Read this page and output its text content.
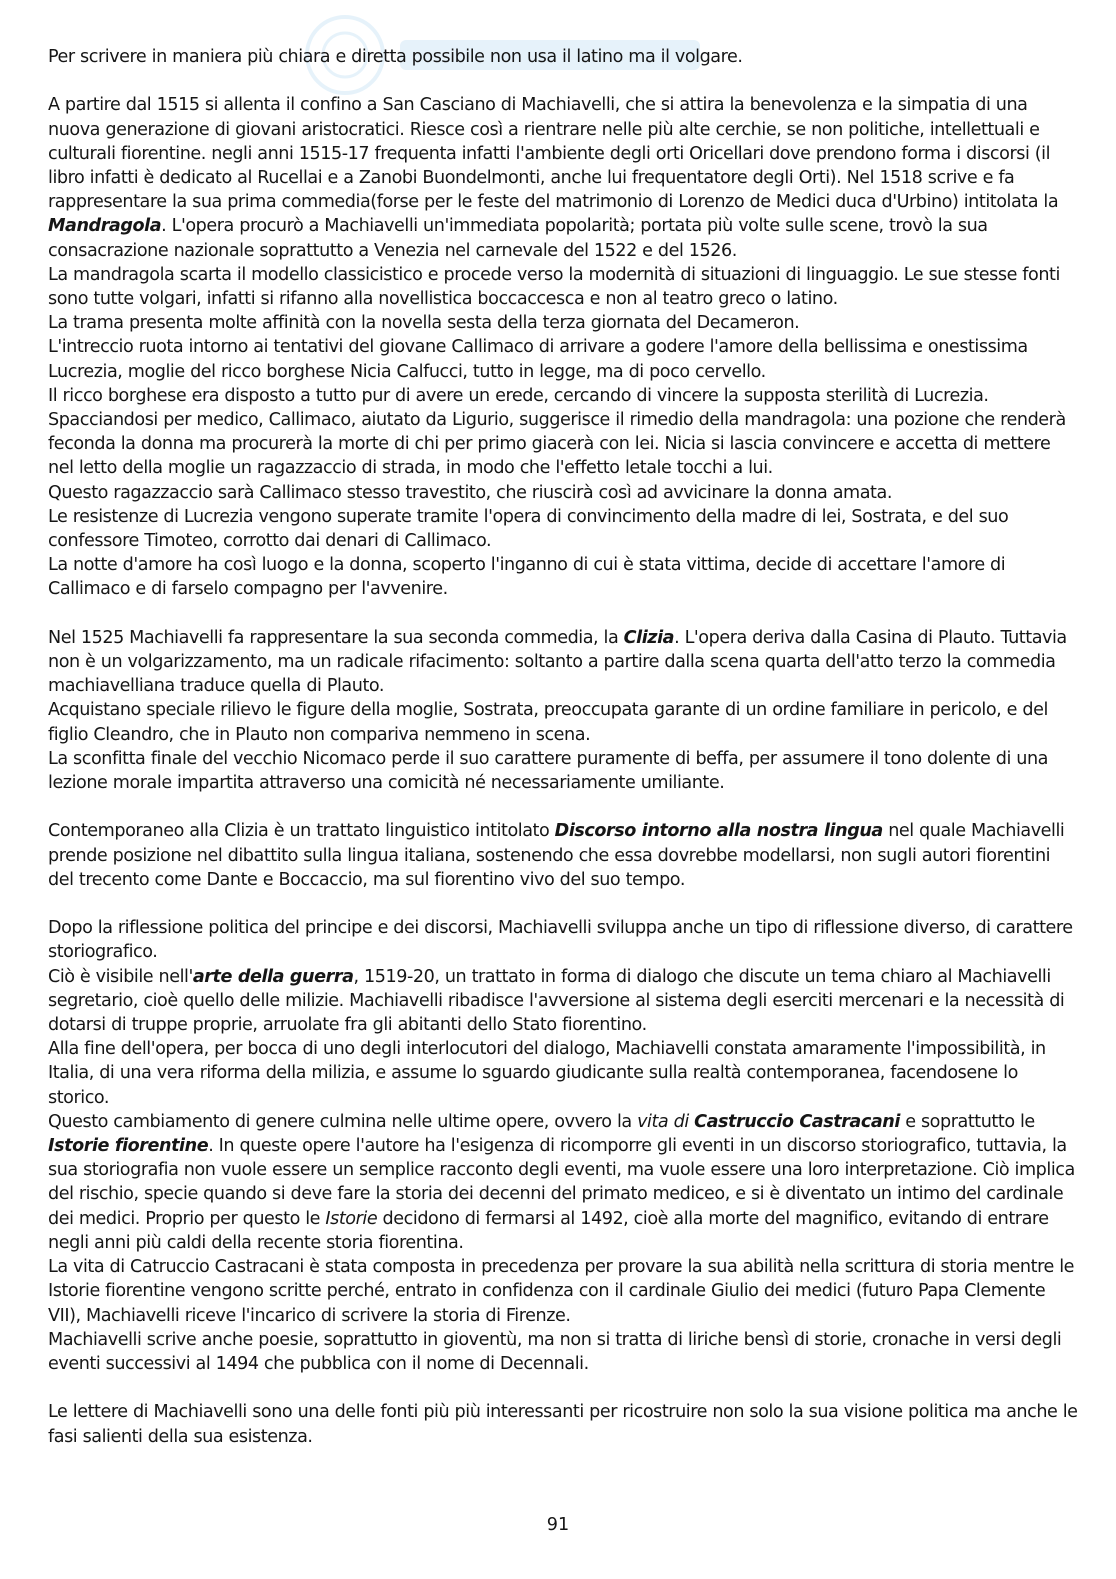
Per scrivere in maniera più chiara e diretta possibile non usa il latino ma il volgare.

A partire dal 1515 si allenta il confino a San Casciano di Machiavelli, che si attira la benevolenza e la simpatia di una nuova generazione di giovani aristocratici. Riesce così a rientrare nelle più alte cerchie, se non politiche, intellettuali e culturali fiorentine. negli anni 1515-17 frequenta infatti l'ambiente degli orti Oricellari dove prendono forma i discorsi (il libro infatti è dedicato al Rucellai e a Zanobi Buondelmonti, anche lui frequentatore degli Orti). Nel 1518 scrive e fa rappresentare la sua prima commedia(forse per le feste del matrimonio di Lorenzo de Medici duca d'Urbino) intitolata la Mandragola. L'opera procurò a Machiavelli un'immediata popolarità; portata più volte sulle scene, trovò la sua consacrazione nazionale soprattutto a Venezia nel carnevale del 1522 e del 1526.

La mandragola scarta il modello classicistico e procede verso la modernità di situazioni di linguaggio. Le sue stesse fonti sono tutte volgari, infatti si rifanno alla novellistica boccaccesca e non al teatro greco o latino.

La trama presenta molte affinità con la novella sesta della terza giornata del Decameron.

L'intreccio ruota intorno ai tentativi del giovane Callimaco di arrivare a godere l'amore della bellissima e onestissima Lucrezia, moglie del ricco borghese Nicia Calfucci, tutto in legge, ma di poco cervello.

Il ricco borghese era disposto a tutto pur di avere un erede, cercando di vincere la supposta sterilità di Lucrezia. Spacciandosi per medico, Callimaco, aiutato da Ligurio, suggerisce il rimedio della mandragola: una pozione che renderà feconda la donna ma procurerà la morte di chi per primo giacerà con lei. Nicia si lascia convincere e accetta di mettere nel letto della moglie un ragazzaccio di strada, in modo che l'effetto letale tocchi a lui.

Questo ragazzaccio sarà Callimaco stesso travestito, che riuscirà così ad avvicinare la donna amata.

Le resistenze di Lucrezia vengono superate tramite l'opera di convincimento della madre di lei, Sostrata, e del suo confessore Timoteo, corrotto dai denari di Callimaco.

La notte d'amore ha così luogo e la donna, scoperto l'inganno di cui è stata vittima, decide di accettare l'amore di Callimaco e di farselo compagno per l'avvenire.

Nel 1525 Machiavelli fa rappresentare la sua seconda commedia, la Clizia. L'opera deriva dalla Casina di Plauto. Tuttavia non è un volgarizzamento, ma un radicale rifacimento: soltanto a partire dalla scena quarta dell'atto terzo la commedia machiavelliana traduce quella di Plauto.

Acquistano speciale rilievo le figure della moglie, Sostrata, preoccupata garante di un ordine familiare in pericolo, e del figlio Cleandro, che in Plauto non compariva nemmeno in scena.

La sconfitta finale del vecchio Nicomaco perde il suo carattere puramente di beffa, per assumere il tono dolente di una lezione morale impartita attraverso una comicità né necessariamente umiliante.

Contemporaneo alla Clizia è un trattato linguistico intitolato Discorso intorno alla nostra lingua nel quale Machiavelli prende posizione nel dibattito sulla lingua italiana, sostenendo che essa dovrebbe modellarsi, non sugli autori fiorentini del trecento come Dante e Boccaccio, ma sul fiorentino vivo del suo tempo.

Dopo la riflessione politica del principe e dei discorsi, Machiavelli sviluppa anche un tipo di riflessione diverso, di carattere storiografico.

Ciò è visibile nell'arte della guerra, 1519-20, un trattato in forma di dialogo che discute un tema chiaro al Machiavelli segretario, cioè quello delle milizie. Machiavelli ribadisce l'avversione al sistema degli eserciti mercenari e la necessità di dotarsi di truppe proprie, arruolate fra gli abitanti dello Stato fiorentino.

Alla fine dell'opera, per bocca di uno degli interlocutori del dialogo, Machiavelli constata amaramente l'impossibilità, in Italia, di una vera riforma della milizia, e assume lo sguardo giudicante sulla realtà contemporanea, facendosene lo storico.

Questo cambiamento di genere culmina nelle ultime opere, ovvero la vita di Castruccio Castracani e soprattutto le Istorie fiorentine. In queste opere l'autore ha l'esigenza di ricomporre gli eventi in un discorso storiografico, tuttavia, la sua storiografia non vuole essere un semplice racconto degli eventi, ma vuole essere una loro interpretazione. Ciò implica del rischio, specie quando si deve fare la storia dei decenni del primato mediceo, e si è diventato un intimo del cardinale dei medici. Proprio per questo le Istorie decidono di fermarsi al 1492, cioè alla morte del magnifico, evitando di entrare negli anni più caldi della recente storia fiorentina.

La vita di Catruccio Castracani è stata composta in precedenza per provare la sua abilità nella scrittura di storia mentre le Istorie fiorentine vengono scritte perché, entrato in confidenza con il cardinale Giulio dei medici (futuro Papa Clemente VII), Machiavelli riceve l'incarico di scrivere la storia di Firenze.

Machiavelli scrive anche poesie, soprattutto in gioventù, ma non si tratta di liriche bensì di storie, cronache in versi degli eventi successivi al 1494 che pubblica con il nome di Decennali.

Le lettere di Machiavelli sono una delle fonti più più interessanti per ricostruire non solo la sua visione politica ma anche le fasi salienti della sua esistenza.

91
